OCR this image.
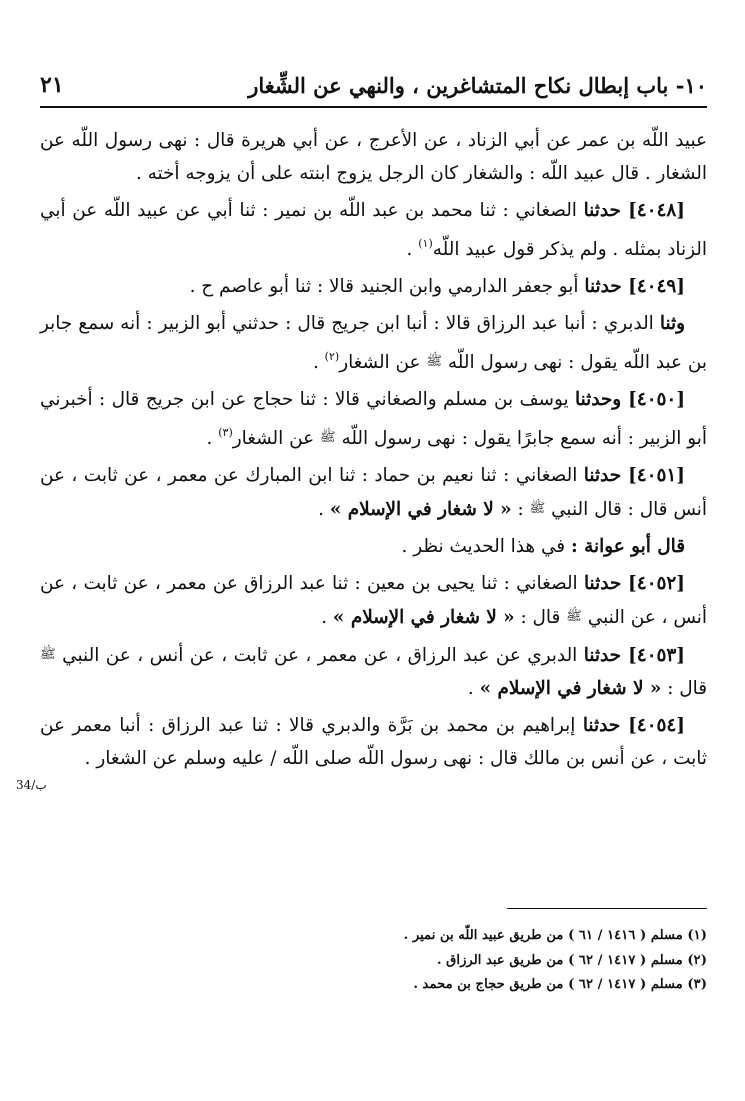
١٠- باب إبطال نكاح المتشاغرين ، والنهي عن الشِّغار
٢١

عبيد اللّه بن عمر عن أبي الزناد ، عن الأعرج ، عن أبي هريرة قال : نهى رسول اللّه عن الشغار . قال عبيد اللّه : والشغار كان الرجل يزوج ابنته على أن يزوجه أخته .

[٤٠٤٨] حدثنا الصغاني : ثنا محمد بن عبد اللّه بن نمير : ثنا أبي عن عبيد اللّه عن أبي الزناد بمثله . ولم يذكر قول عبيد اللّه$^{(١)}$ .

[٤٠٤٩] حدثنا أبو جعفر الدارمي وابن الجنيد قالا : ثنا أبو عاصم ح .

وثنا الدبري : أنبا عبد الرزاق قالا : أنبا ابن جريج قال : حدثني أبو الزبير : أنه سمع جابر بن عبد اللّه يقول : نهى رسول اللّه ﷺ عن الشغار$^{(٢)}$ .

[٤٠٥٠] وحدثنا يوسف بن مسلم والصغاني قالا : ثنا حجاج عن ابن جريج قال : أخبرني أبو الزبير : أنه سمع جابرًا يقول : نهى رسول اللّه ﷺ عن الشغار$^{(٣)}$ .

[٤٠٥١] حدثنا الصغاني : ثنا نعيم بن حماد : ثنا ابن المبارك عن معمر ، عن ثابت ، عن أنس قال : قال النبي ﷺ : « لا شغار في الإسلام » .

قال أبو عوانة : في هذا الحديث نظر .

[٤٠٥٢] حدثنا الصغاني : ثنا يحيى بن معين : ثنا عبد الرزاق عن معمر ، عن ثابت ، عن أنس ، عن النبي ﷺ قال : « لا شغار في الإسلام » .

[٤٠٥٣] حدثنا الدبري عن عبد الرزاق ، عن معمر ، عن ثابت ، عن أنس ، عن النبي ﷺ قال : « لا شغار في الإسلام » .

[٤٠٥٤] حدثنا إبراهيم بن محمد بن بَرَّة والدبري قالا : ثنا عبد الرزاق : أنبا معمر عن ثابت ، عن أنس بن مالك قال : نهى رسول اللّه صلى اللّه / عليه وسلم عن الشغار .

34/ب
(١) مسلم ( ١٤١٦ / ٦١ ) من طريق عبيد اللّه بن نمير .
(٢) مسلم ( ١٤١٧ / ٦٢ ) من طريق عبد الرزاق .
(٣) مسلم ( ١٤١٧ / ٦٢ ) من طريق حجاج بن محمد .
